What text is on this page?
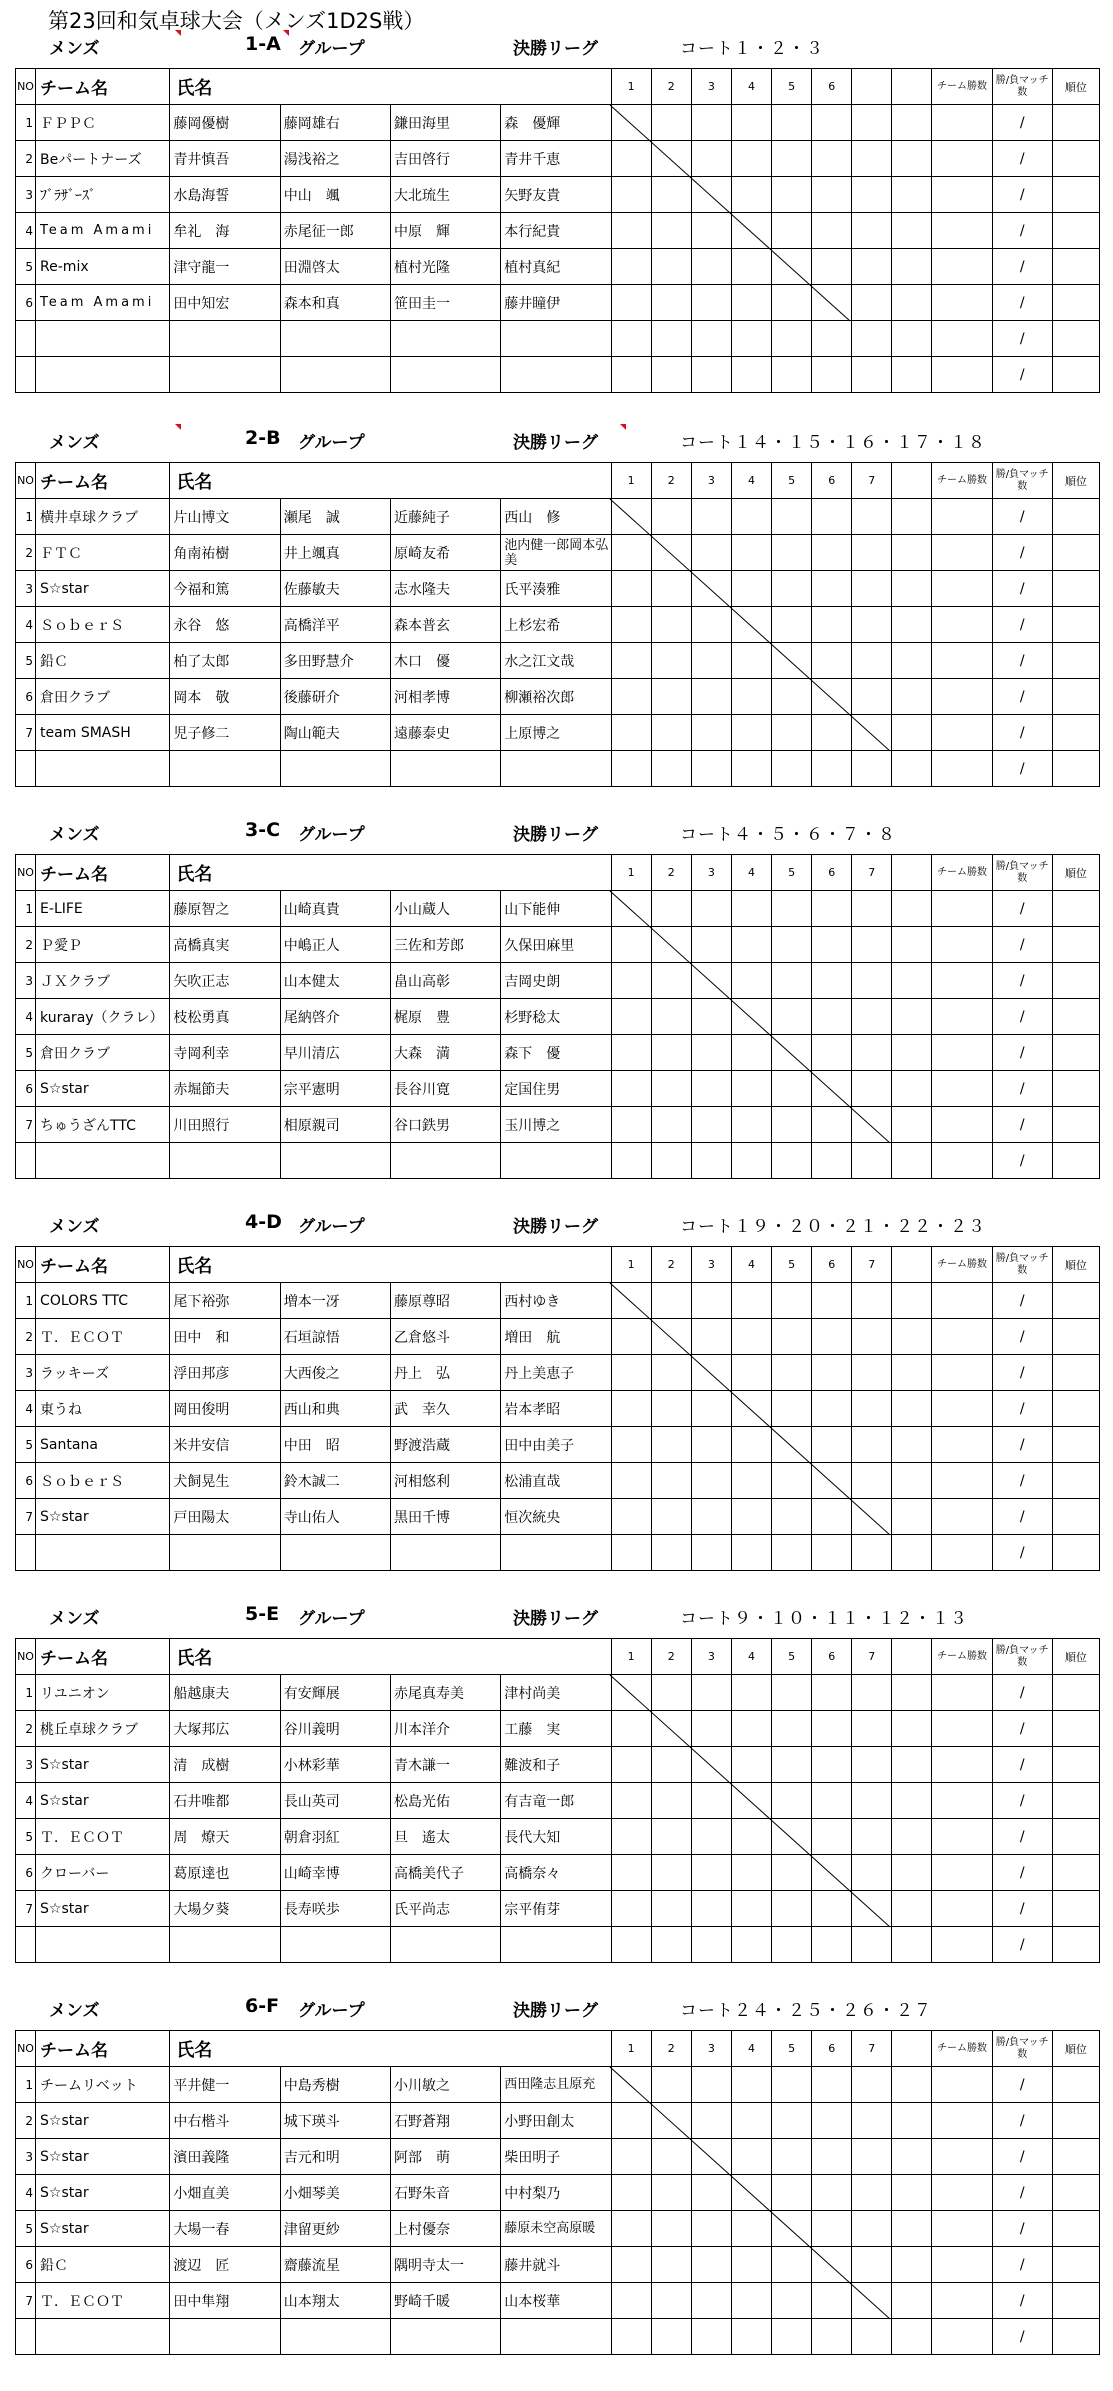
第23回和気卓球大会（メンズ1D2S戦）
メンズ	1-A グループ	決勝リーグ	コート１・２・３
NO	チーム名	氏名				1	2	3	4	5	6			チーム勝数	勝/負マッチ数	順位
1	ＦＰＰＣ	藤岡優樹	藤岡雄右	鎌田海里	森　優輝										/	
2	Beパートナーズ	青井慎吾	湯浅裕之	吉田啓行	青井千恵										/	
3	ﾌﾞﾗｻﾞｰｽﾞ	水島海誓	中山　颯	大北琉生	矢野友貴										/	
4	Team Amami	牟礼　海	赤尾征一郎	中原　輝	本行紀貴										/	
5	Re-mix	津守龍一	田淵啓太	植村光隆	植村真紀										/	
6	Team Amami	田中知宏	森本和真	笹田圭一	藤井瞳伊										/	
															/	
															/	
メンズ	2-B グループ	決勝リーグ	コート１４・１５・１６・１７・１８
NO	チーム名	氏名				1	2	3	4	5	6	7		チーム勝数	勝/負マッチ数	順位
1	横井卓球クラブ	片山博文	瀬尾　誠	近藤純子	西山　修										/	
2	ＦＴＣ	角南祐樹	井上颯真	原崎友希	池内健一郎岡本弘美										/	
3	S☆star	今福和篤	佐藤敏夫	志水隆夫	氏平湊雅										/	
4	ＳｏｂｅｒＳ	永谷　悠	高橋洋平	森本普玄	上杉宏希										/	
5	鉛Ｃ	柏了太郎	多田野慧介	木口　優	水之江文哉										/	
6	倉田クラブ	岡本　敬	後藤研介	河相孝博	柳瀬裕次郎										/	
7	team SMASH	児子修二	陶山範夫	遠藤泰史	上原博之										/	
															/	
メンズ	3-C グループ	決勝リーグ	コート４・５・６・７・８
NO	チーム名	氏名				1	2	3	4	5	6	7		チーム勝数	勝/負マッチ数	順位
1	E-LIFE	藤原智之	山崎真貴	小山蔵人	山下能伸										/	
2	Ｐ愛Ｐ	高橋真実	中嶋正人	三佐和芳郎	久保田麻里										/	
3	ＪＸクラブ	矢吹正志	山本健太	畠山高彰	吉岡史朗										/	
4	kuraray（クラレ）	枝松勇真	尾納啓介	梶原　豊	杉野稔太										/	
5	倉田クラブ	寺岡利幸	早川清広	大森　満	森下　優										/	
6	S☆star	赤堀節夫	宗平憲明	長谷川寛	定国住男										/	
7	ちゅうざんTTC	川田照行	相原親司	谷口鉄男	玉川博之										/	
															/	
メンズ	4-D グループ	決勝リーグ	コート１９・２０・２１・２２・２３
NO	チーム名	氏名				1	2	3	4	5	6	7		チーム勝数	勝/負マッチ数	順位
1	COLORS TTC	尾下裕弥	増本一冴	藤原尊昭	西村ゆき										/	
2	Ｔ．ＥＣＯＴ	田中　和	石垣諒悟	乙倉悠斗	増田　航										/	
3	ラッキーズ	浮田邦彦	大西俊之	丹上　弘	丹上美恵子										/	
4	東うね	岡田俊明	西山和典	武　幸久	岩本孝昭										/	
5	Santana	米井安信	中田　昭	野渡浩蔵	田中由美子										/	
6	ＳｏｂｅｒＳ	犬飼晃生	鈴木誠二	河相悠利	松浦直哉										/	
7	S☆star	戸田陽太	寺山佑人	黒田千博	恒次統央										/	
															/	
メンズ	5-E グループ	決勝リーグ	コート９・１０・１１・１２・１３
NO	チーム名	氏名				1	2	3	4	5	6	7		チーム勝数	勝/負マッチ数	順位
1	リユニオン	船越康夫	有安輝展	赤尾真寿美	津村尚美										/	
2	桃丘卓球クラブ	大塚邦広	谷川義明	川本洋介	工藤　実										/	
3	S☆star	清　成樹	小林彩華	青木謙一	難波和子										/	
4	S☆star	石井唯都	長山英司	松島光佑	有吉竜一郎										/	
5	Ｔ．ＥＣＯＴ	周　燎天	朝倉羽紅	旦　遙太	長代大知										/	
6	クローバー	葛原達也	山崎幸博	高橋美代子	高橋奈々										/	
7	S☆star	大場夕葵	長寿咲歩	氏平尚志	宗平侑芽										/	
															/	
メンズ	6-F グループ	決勝リーグ	コート２４・２５・２６・２７
NO	チーム名	氏名				1	2	3	4	5	6	7		チーム勝数	勝/負マッチ数	順位
1	チームリベット	平井健一	中島秀樹	小川敏之	西田隆志且原充										/	
2	S☆star	中右楷斗	城下瑛斗	石野蒼翔	小野田創太										/	
3	S☆star	濱田義隆	吉元和明	阿部　萌	柴田明子										/	
4	S☆star	小畑直美	小畑琴美	石野朱音	中村梨乃										/	
5	S☆star	大場一春	津留更紗	上村優奈	藤原未空高原暖										/	
6	鉛Ｃ	渡辺　匠	齋藤流星	隅明寺太一	藤井就斗										/	
7	Ｔ．ＥＣＯＴ	田中隼翔	山本翔太	野崎千暖	山本桜華										/	
															/	
